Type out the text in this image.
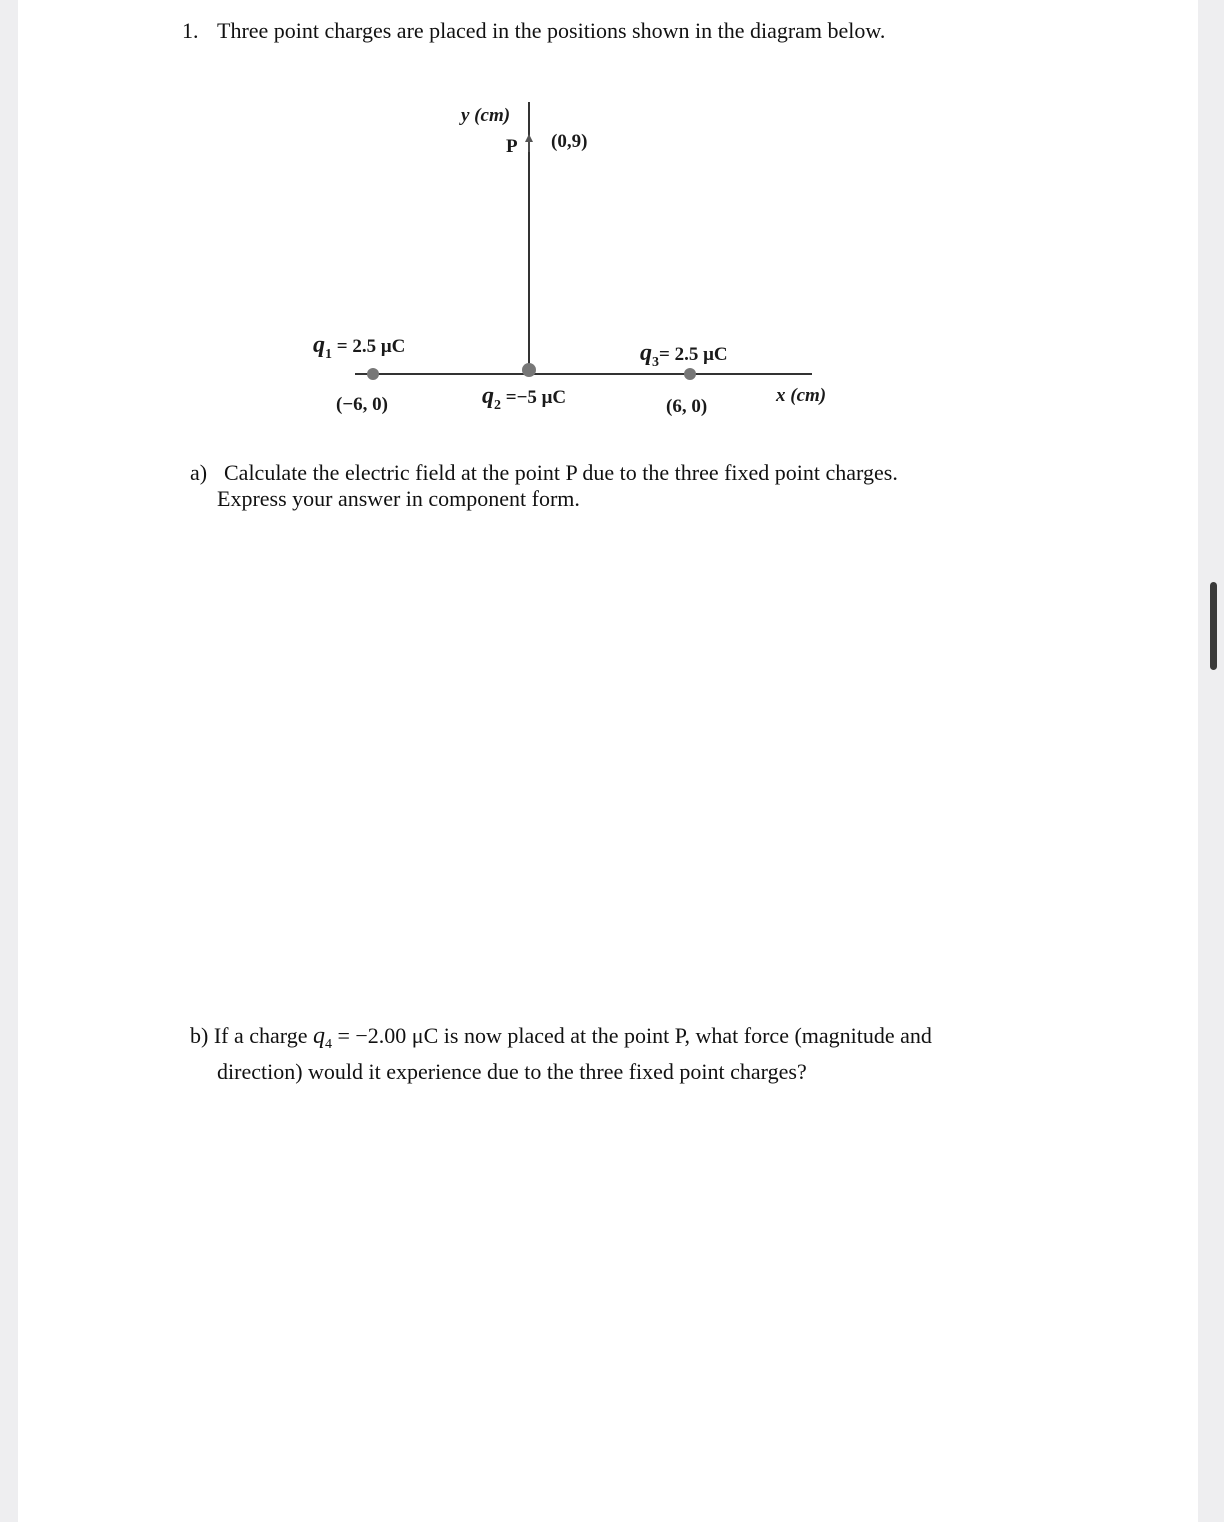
1. Three point charges are placed in the positions shown in the diagram below.
y (cm)
x (cm)
P (0,9)
$q_1 = 2.5$ μC
(−6, 0)	$q_2 =-5$ μC
$q_3= 2.5$ μC
(6, 0)
a) Calculate the electric field at the point P due to the three fixed point charges.
Express your answer in component form.
b) If a charge $q_4 = -2.00$ μC is now placed at the point P, what force (magnitude and
direction) would it experience due to the three fixed point charges?
